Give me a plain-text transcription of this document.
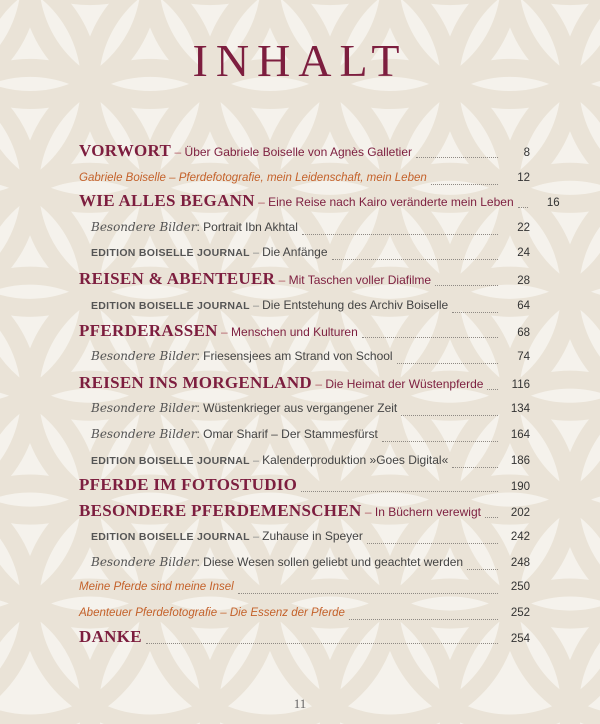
INHALT
VORWORT – Über Gabriele Boiselle von Agnès Galletier	8
Gabriele Boiselle – Pferdefotografie, mein Leidenschaft, mein Leben	12
WIE ALLES BEGANN – Eine Reise nach Kairo veränderte mein Leben	16
Besondere Bilder: Portrait Ibn Akhtal	22
EDITION BOISELLE JOURNAL – Die Anfänge	24
REISEN & ABENTEUER – Mit Taschen voller Diafilme	28
EDITION BOISELLE JOURNAL – Die Entstehung des Archiv Boiselle	64
PFERDERASSEN – Menschen und Kulturen	68
Besondere Bilder: Friesensjees am Strand von School	74
REISEN INS MORGENLAND – Die Heimat der Wüstenpferde	116
Besondere Bilder: Wüstenkrieger aus vergangener Zeit	134
Besondere Bilder: Omar Sharif – Der Stammesfürst	164
EDITION BOISELLE JOURNAL – Kalenderproduktion »Goes Digital«	186
PFERDE IM FOTOSTUDIO	190
BESONDERE PFERDEMENSCHEN – In Büchern verewigt	202
EDITION BOISELLE JOURNAL – Zuhause in Speyer	242
Besondere Bilder: Diese Wesen sollen geliebt und geachtet werden	248
Meine Pferde sind meine Insel	250
Abenteuer Pferdefotografie – Die Essenz der Pferde	252
DANKE	254
11
